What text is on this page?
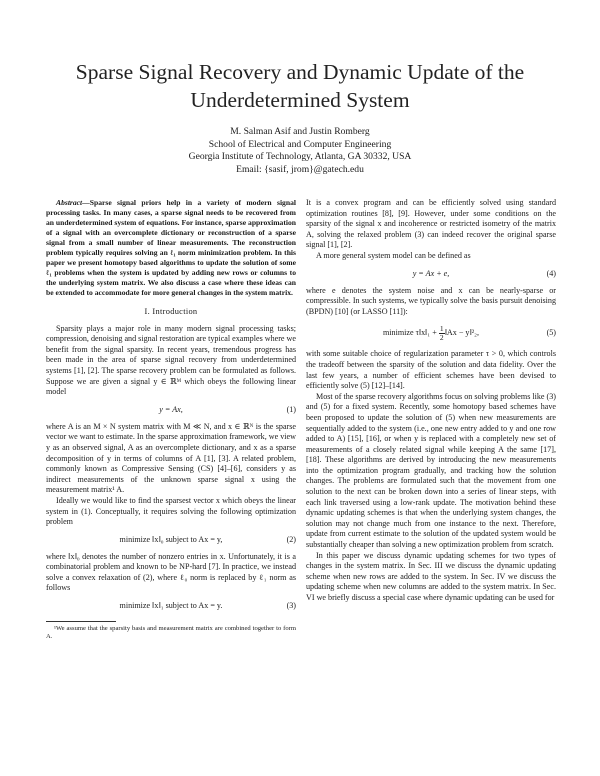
Sparse Signal Recovery and Dynamic Update of the Underdetermined System
M. Salman Asif and Justin Romberg
School of Electrical and Computer Engineering
Georgia Institute of Technology, Atlanta, GA 30332, USA
Email: {sasif, jrom}@gatech.edu

Abstract—Sparse signal priors help in a variety of modern signal processing tasks. In many cases, a sparse signal needs to be recovered from an underdetermined system of equations. For instance, sparse approximation of a signal with an overcomplete dictionary or reconstruction of a sparse signal from a small number of linear measurements. The reconstruction problem typically requires solving an ℓ₁ norm minimization problem. In this paper we present homotopy based algorithms to update the solution of some ℓ₁ problems when the system is updated by adding new rows or columns to the underlying system matrix. We also discuss a case where these ideas can be extended to accommodate for more general changes in the system matrix.

I. Introduction

Sparsity plays a major role in many modern signal processing tasks; compression, denoising and signal restoration are typical examples where we benefit from the signal sparsity. In recent years, tremendous progress has been made in the area of sparse signal recovery from underdetermined systems [1], [2]. The sparse recovery problem can be formulated as follows. Suppose we are given a signal y ∈ ℝᴹ which obeys the following linear model

y = Ax,	(1)

where A is an M × N system matrix with M ≪ N, and x ∈ ℝᴺ is the sparse vector we want to estimate. In the sparse approximation framework, we view y as an observed signal, A as an overcomplete dictionary, and x as a sparse decomposition of y in terms of columns of A [1], [3]. A related problem, commonly known as Compressive Sensing (CS) [4]–[6], considers y as indirect measurements of the unknown sparse signal x using the measurement matrix¹ A.

Ideally we would like to find the sparsest vector x which obeys the linear system in (1). Conceptually, it requires solving the following optimization problem

minimize ‖x‖₀ subject to Ax = y,	(2)

where ‖x‖₀ denotes the number of nonzero entries in x. Unfortunately, it is a combinatorial problem and known to be NP-hard [7]. In practice, we instead solve a convex relaxation of (2), where ℓ₀ norm is replaced by ℓ₁ norm as follows

minimize ‖x‖₁ subject to Ax = y.	(3)

¹We assume that the sparsity basis and measurement matrix are combined together to form A.

It is a convex program and can be efficiently solved using standard optimization routines [8], [9]. However, under some conditions on the sparsity of the signal x and incoherence or restricted isometry of the matrix A, solving the relaxed problem (3) can indeed recover the original sparse signal [1], [2].

A more general system model can be defined as

y = Ax + e,	(4)

where e denotes the system noise and x can be nearly-sparse or compressible. In such systems, we typically solve the basis pursuit denoising (BPDN) [10] (or LASSO [11]):

minimize τ‖x‖₁ + $\frac{1}{2}$ ‖Ax − y‖²₂,	(5)

with some suitable choice of regularization parameter τ > 0, which controls the tradeoff between the sparsity of the solution and data fidelity. Over the last few years, a number of efficient schemes have been devised to efficiently solve (5) [12]–[14].

Most of the sparse recovery algorithms focus on solving problems like (3) and (5) for a fixed system. Recently, some homotopy based schemes have been proposed to update the solution of (5) when new measurements are sequentially added to the system (i.e., one new entry added to y and one row added to A) [15], [16], or when y is replaced with a completely new set of measurements of a closely related signal while keeping A the same [17], [18]. These algorithms are derived by introducing the new measurements into the optimization program gradually, and tracking how the solution changes. The problems are formulated such that the movement from one solution to the next can be broken down into a series of linear steps, with each link traversed using a low-rank update. The motivation behind these dynamic updating schemes is that when the underlying system changes, the solution may not change much from one instance to the next. Therefore, update from current estimate to the solution of the updated system would be substantially cheaper than solving a new optimization problem from scratch.

In this paper we discuss dynamic updating schemes for two types of changes in the system matrix. In Sec. III we discuss the dynamic updating scheme when new rows are added to the system. In Sec. IV we discuss the updating scheme when new columns are added to the system matrix. In Sec. VI we briefly discuss a special case where dynamic updating can be used for
